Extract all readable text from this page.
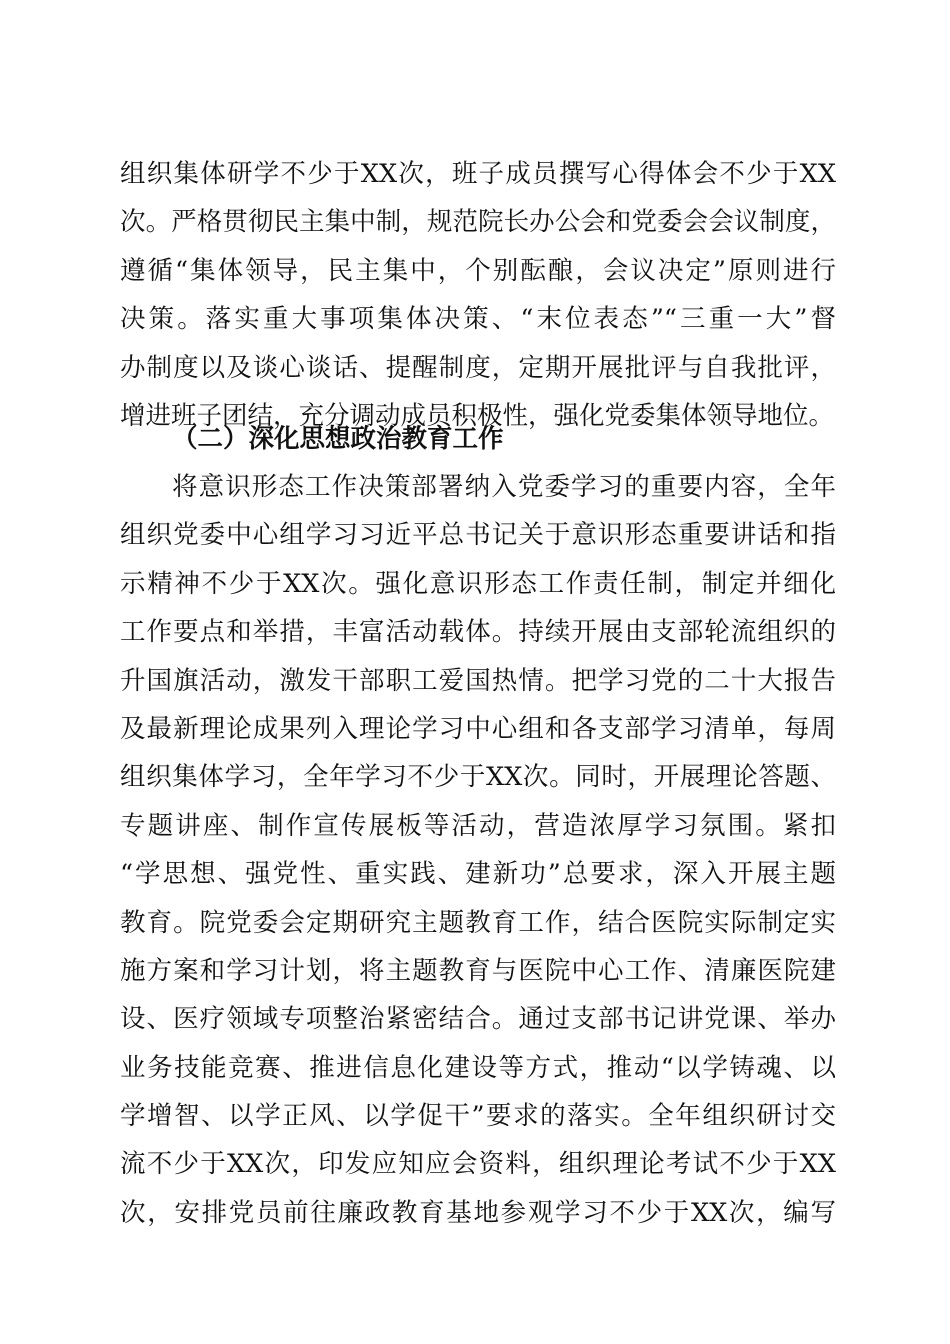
组织集体研学不少于XX次，班子成员撰写心得体会不少于XX
次。严格贯彻民主集中制，规范院长办公会和党委会会议制度，
遵循“集体领导，民主集中，个别酝酿，会议决定”原则进行
决策。落实重大事项集体决策、“末位表态”“三重一大”督
办制度以及谈心谈话、提醒制度，定期开展批评与自我批评，
增进班子团结，充分调动成员积极性，强化党委集体领导地位。
（二）深化思想政治教育工作
将意识形态工作决策部署纳入党委学习的重要内容，全年
组织党委中心组学习习近平总书记关于意识形态重要讲话和指
示精神不少于XX次。强化意识形态工作责任制，制定并细化
工作要点和举措，丰富活动载体。持续开展由支部轮流组织的
升国旗活动，激发干部职工爱国热情。把学习党的二十大报告
及最新理论成果列入理论学习中心组和各支部学习清单，每周
组织集体学习，全年学习不少于XX次。同时，开展理论答题、
专题讲座、制作宣传展板等活动，营造浓厚学习氛围。紧扣
“学思想、强党性、重实践、建新功”总要求，深入开展主题
教育。院党委会定期研究主题教育工作，结合医院实际制定实
施方案和学习计划，将主题教育与医院中心工作、清廉医院建
设、医疗领域专项整治紧密结合。通过支部书记讲党课、举办
业务技能竞赛、推进信息化建设等方式，推动“以学铸魂、以
学增智、以学正风、以学促干”要求的落实。全年组织研讨交
流不少于XX次，印发应知应会资料，组织理论考试不少于XX
次，安排党员前往廉政教育基地参观学习不少于XX次，编写
